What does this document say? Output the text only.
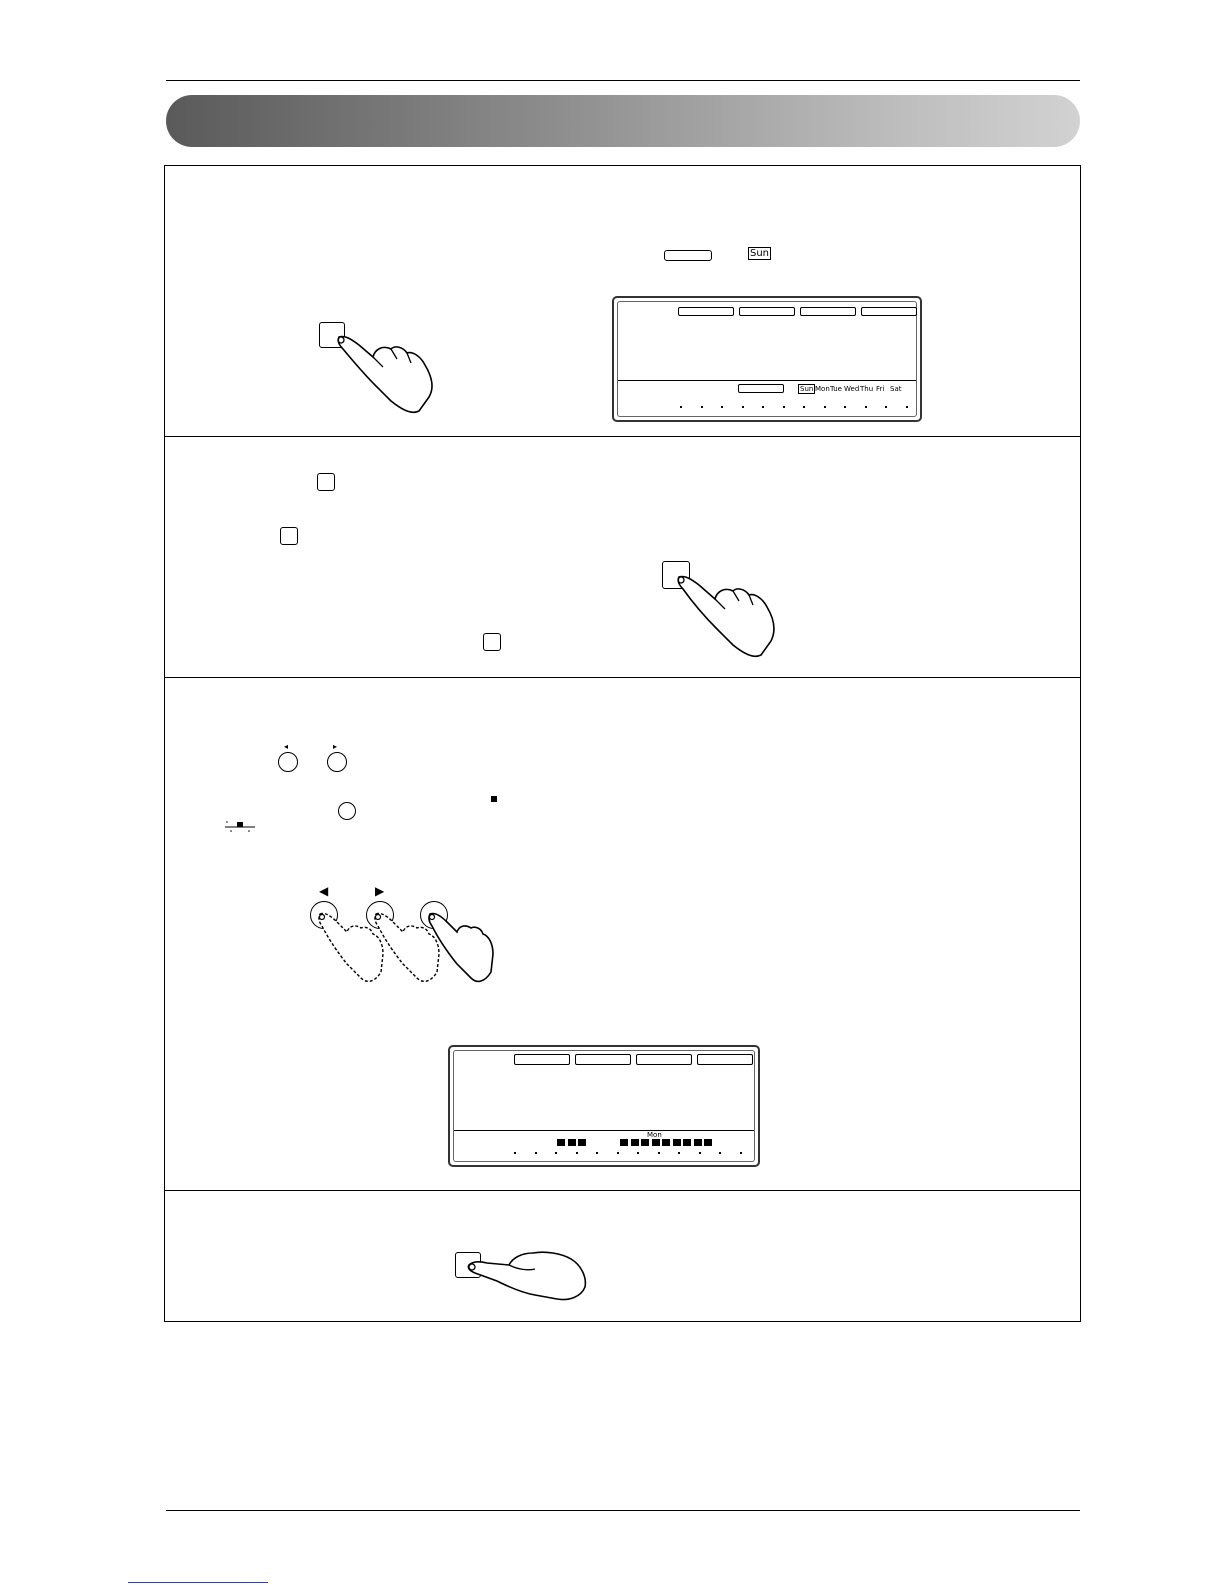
Sun
Sun Mon Tue Wed Thu Fri Sat
◂	▸
◀	▶
Mon
